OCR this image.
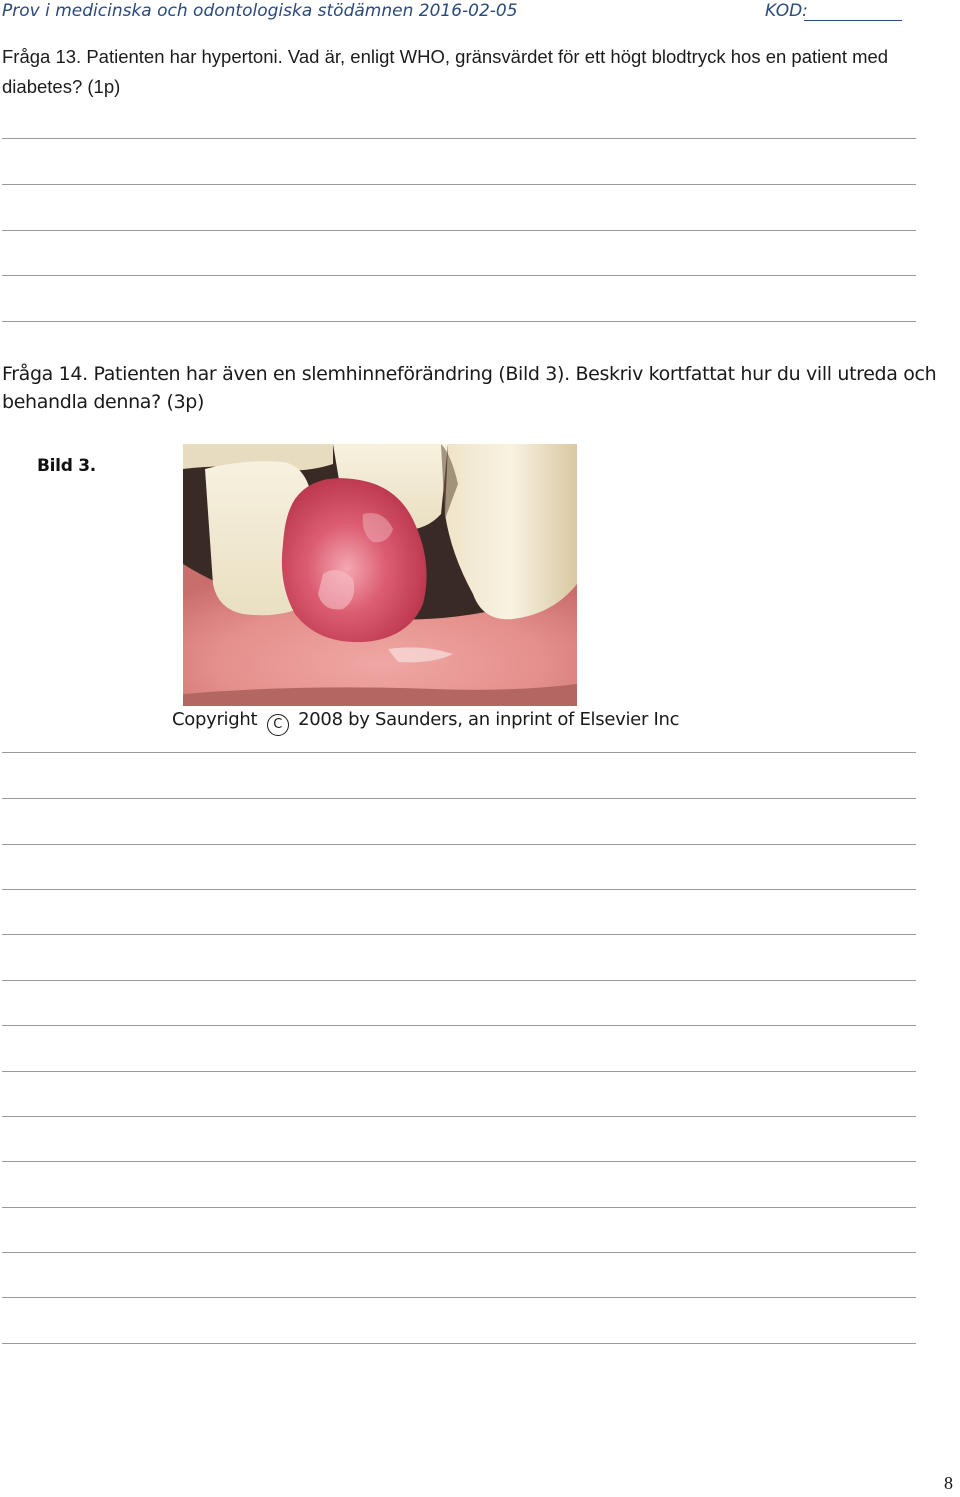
Prov i medicinska och odontologiska stödämnen 2016-02-05	KOD:
Fråga 13. Patienten har hypertoni. Vad är, enligt WHO, gränsvärdet för ett högt blodtryck hos en patient med diabetes? (1p)
Fråga 14. Patienten har även en slemhinneförändring (Bild 3). Beskriv kortfattat hur du vill utreda och behandla denna? (3p)
Bild 3.
Copyright C 2008 by Saunders, an inprint of Elsevier Inc
8
